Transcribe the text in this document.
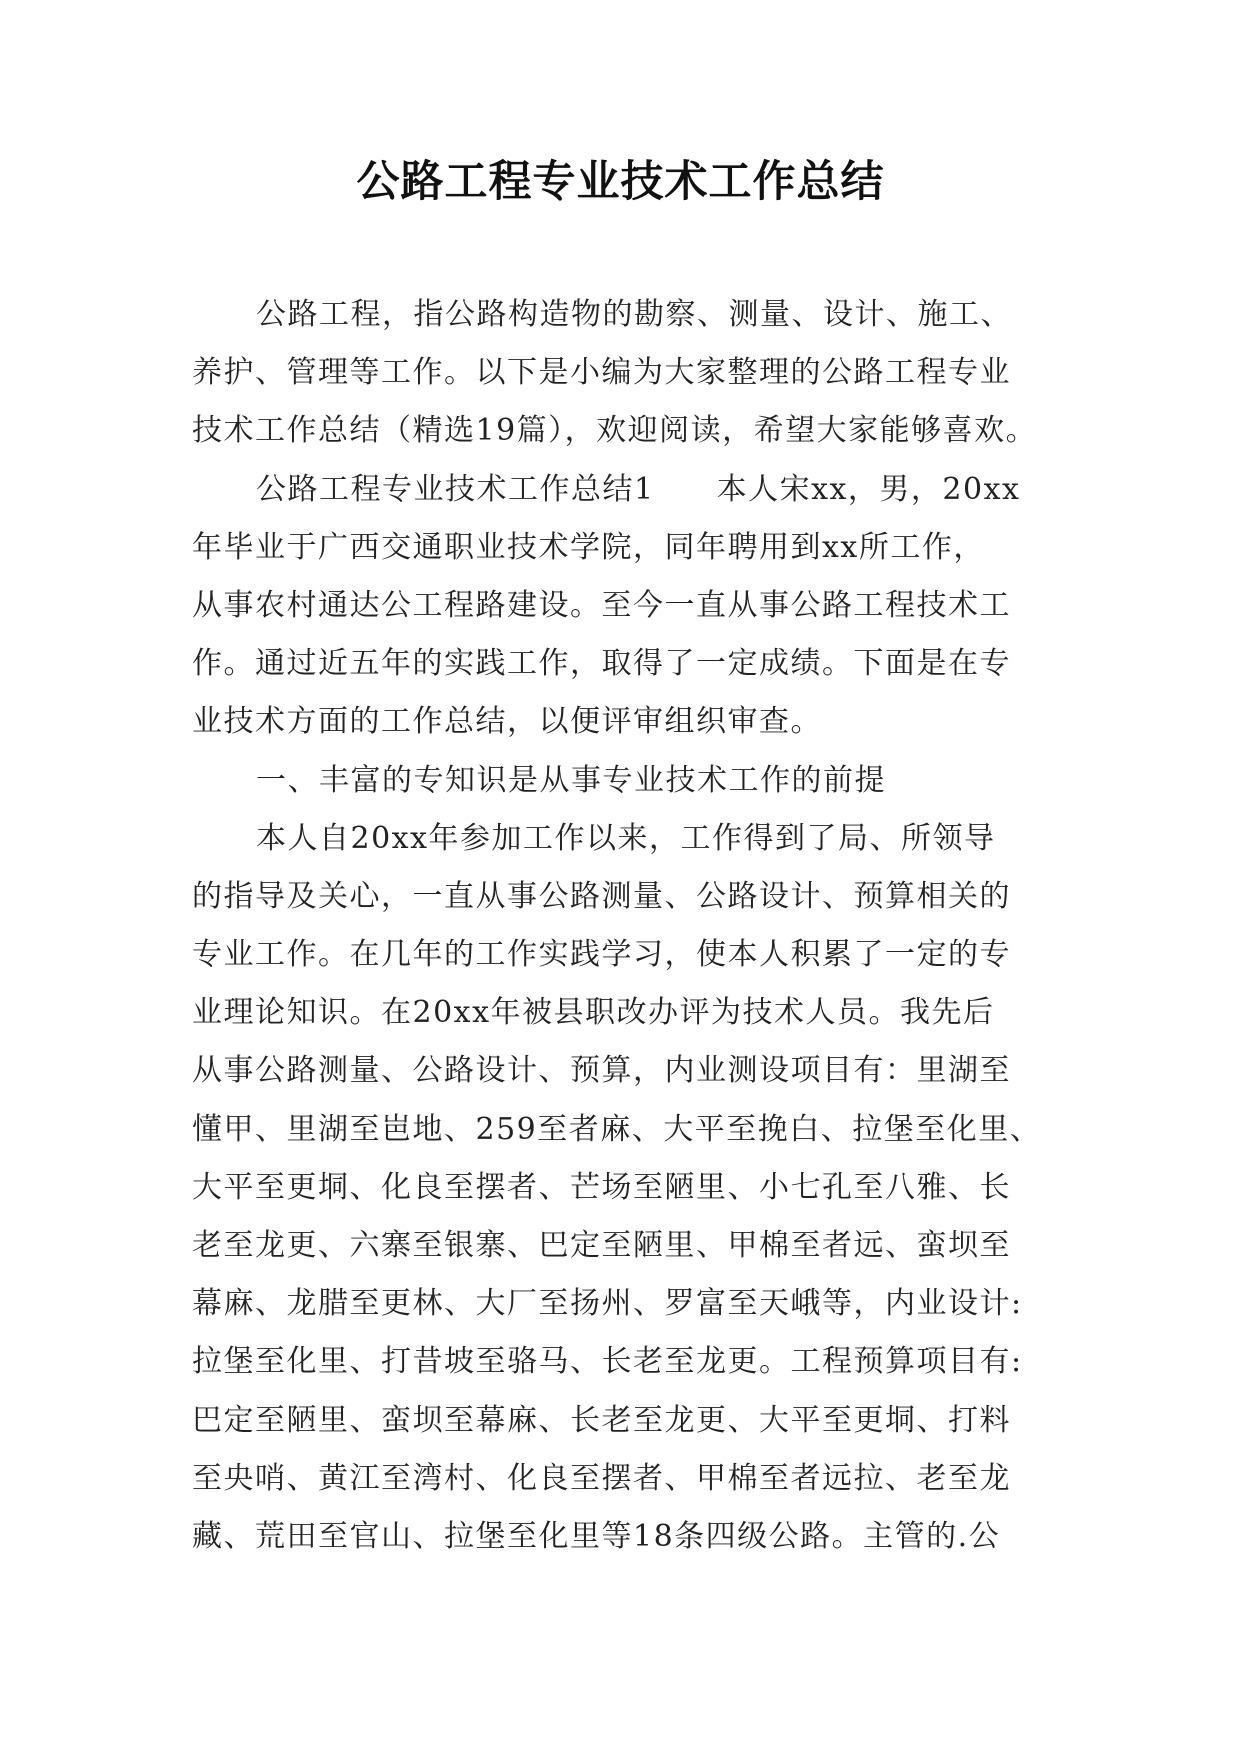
公路工程专业技术工作总结
公路工程，指公路构造物的勘察、测量、设计、施工、
养护、管理等工作。以下是小编为大家整理的公路工程专业
技术工作总结（精选19篇），欢迎阅读，希望大家能够喜欢。
公路工程专业技术工作总结1 本人宋xx，男，20xx
年毕业于广西交通职业技术学院，同年聘用到xx所工作，
从事农村通达公工程路建设。至今一直从事公路工程技术工
作。通过近五年的实践工作，取得了一定成绩。下面是在专
业技术方面的工作总结，以便评审组织审查。
一、丰富的专知识是从事专业技术工作的前提
本人自20xx年参加工作以来，工作得到了局、所领导
的指导及关心，一直从事公路测量、公路设计、预算相关的
专业工作。在几年的工作实践学习，使本人积累了一定的专
业理论知识。在20xx年被县职改办评为技术人员。我先后
从事公路测量、公路设计、预算，内业测设项目有：里湖至
懂甲、里湖至岜地、259至者麻、大平至挽白、拉堡至化里、
大平至更垌、化良至摆者、芒场至陋里、小七孔至八雅、长
老至龙更、六寨至银寨、巴定至陋里、甲棉至者远、蛮坝至
幕麻、龙腊至更林、大厂至扬州、罗富至天峨等，内业设计:
拉堡至化里、打昔坡至骆马、长老至龙更。工程预算项目有:
巴定至陋里、蛮坝至幕麻、长老至龙更、大平至更垌、打料
至央哨、黄江至湾村、化良至摆者、甲棉至者远拉、老至龙
藏、荒田至官山、拉堡至化里等18条四级公路。主管的.公
